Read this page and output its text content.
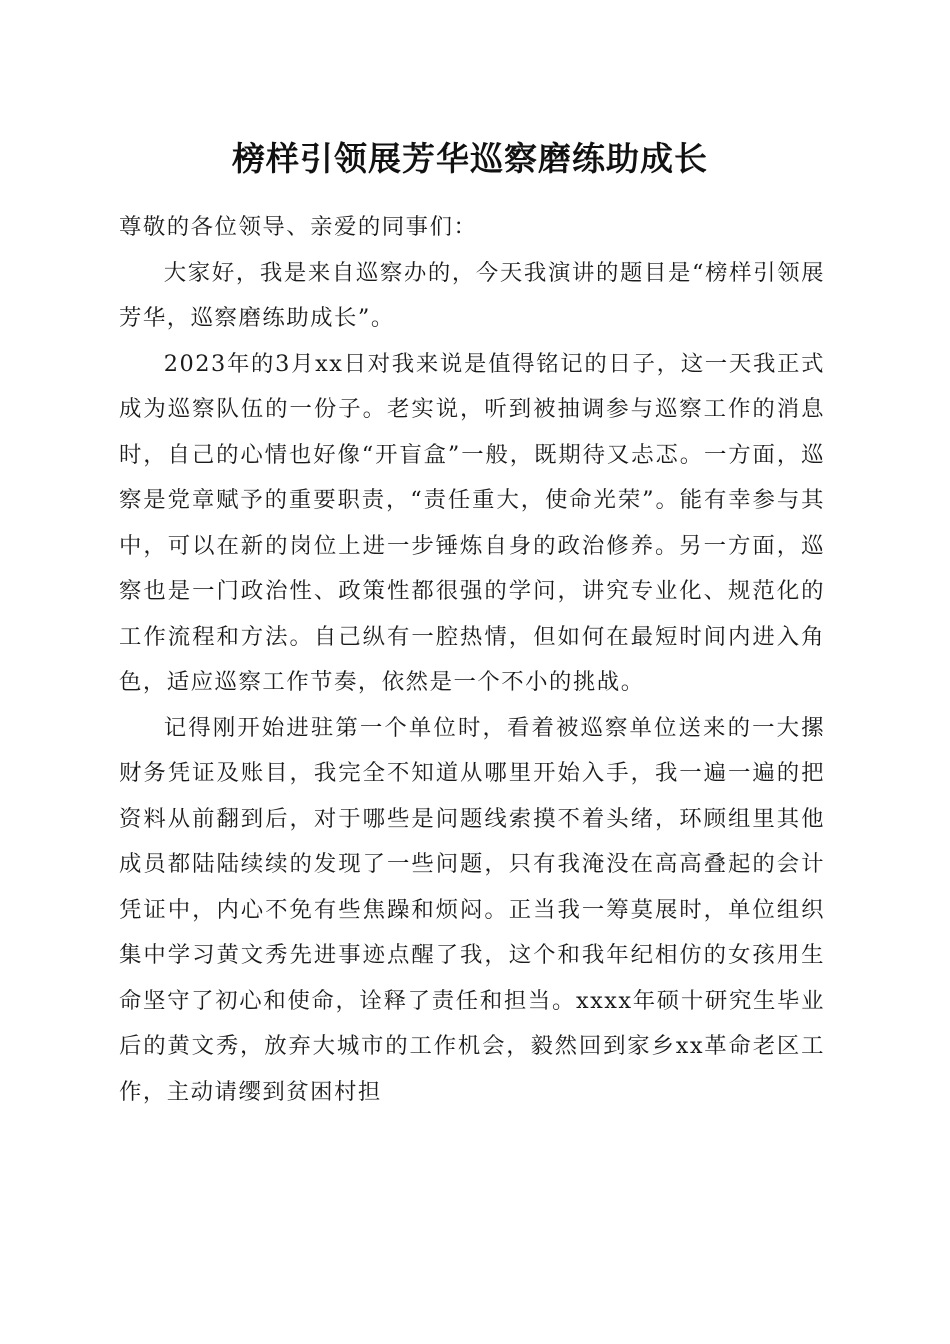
榜样引领展芳华巡察磨练助成长

尊敬的各位领导、亲爱的同事们：

大家好，我是来自巡察办的，今天我演讲的题目是“榜样引领展芳华，巡察磨练助成长”。

2023年的3月xx日对我来说是值得铭记的日子，这一天我正式成为巡察队伍的一份子。老实说，听到被抽调参与巡察工作的消息时，自己的心情也好像“开盲盒”一般，既期待又忐忑。一方面，巡察是党章赋予的重要职责，“责任重大，使命光荣”。能有幸参与其中，可以在新的岗位上进一步锤炼自身的政治修养。另一方面，巡察也是一门政治性、政策性都很强的学问，讲究专业化、规范化的工作流程和方法。自己纵有一腔热情，但如何在最短时间内进入角色，适应巡察工作节奏，依然是一个不小的挑战。

记得刚开始进驻第一个单位时，看着被巡察单位送来的一大摞财务凭证及账目，我完全不知道从哪里开始入手，我一遍一遍的把资料从前翻到后，对于哪些是问题线索摸不着头绪，环顾组里其他成员都陆陆续续的发现了一些问题，只有我淹没在高高叠起的会计凭证中，内心不免有些焦躁和烦闷。正当我一筹莫展时，单位组织集中学习黄文秀先进事迹点醒了我，这个和我年纪相仿的女孩用生命坚守了初心和使命，诠释了责任和担当。xxxx年硕十研究生毕业后的黄文秀，放弃大城市的工作机会，毅然回到家乡xx革命老区工作，主动请缨到贫困村担
